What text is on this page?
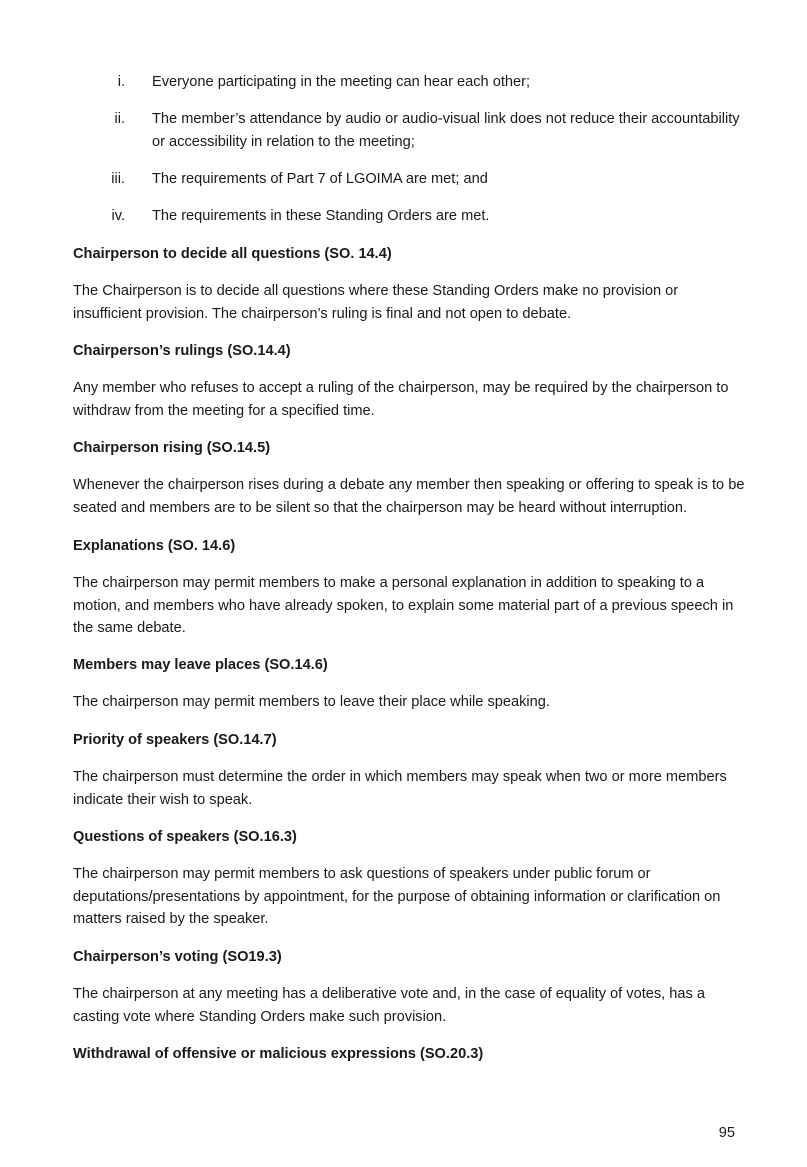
i. Everyone participating in the meeting can hear each other;
ii. The member’s attendance by audio or audio-visual link does not reduce their accountability or accessibility in relation to the meeting;
iii. The requirements of Part 7 of LGOIMA are met; and
iv. The requirements in these Standing Orders are met.
Chairperson to decide all questions (SO. 14.4)
The Chairperson is to decide all questions where these Standing Orders make no provision or insufficient provision. The chairperson’s ruling is final and not open to debate.
Chairperson’s rulings (SO.14.4)
Any member who refuses to accept a ruling of the chairperson, may be required by the chairperson to withdraw from the meeting for a specified time.
Chairperson rising (SO.14.5)
Whenever the chairperson rises during a debate any member then speaking or offering to speak is to be seated and members are to be silent so that the chairperson may be heard without interruption.
Explanations (SO. 14.6)
The chairperson may permit members to make a personal explanation in addition to speaking to a motion, and members who have already spoken, to explain some material part of a previous speech in the same debate.
Members may leave places (SO.14.6)
The chairperson may permit members to leave their place while speaking.
Priority of speakers (SO.14.7)
The chairperson must determine the order in which members may speak when two or more members indicate their wish to speak.
Questions of speakers (SO.16.3)
The chairperson may permit members to ask questions of speakers under public forum or deputations/presentations by appointment, for the purpose of obtaining information or clarification on matters raised by the speaker.
Chairperson’s voting (SO19.3)
The chairperson at any meeting has a deliberative vote and, in the case of equality of votes, has a casting vote where Standing Orders make such provision.
Withdrawal of offensive or malicious expressions (SO.20.3)
95
